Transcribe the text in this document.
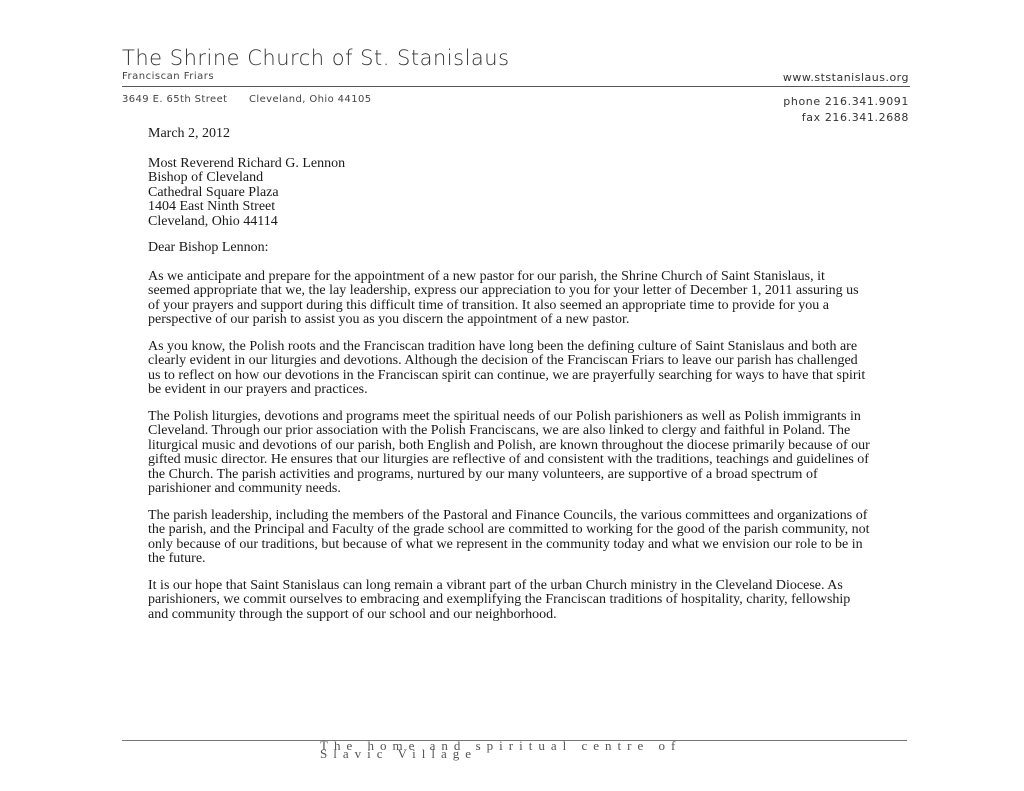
The Shrine Church of St. Stanislaus
Franciscan Friars	www.ststanislaus.org
3649 E. 65th Street Cleveland, Ohio 44105	phone 216.341.9091
fax 216.341.2688
March 2, 2012
Most Reverend Richard G. Lennon
Bishop of Cleveland
Cathedral Square Plaza
1404 East Ninth Street
Cleveland, Ohio 44114
Dear Bishop Lennon:

As we anticipate and prepare for the appointment of a new pastor for our parish, the Shrine Church of Saint Stanislaus, it seemed appropriate that we, the lay leadership, express our appreciation to you for your letter of December 1, 2011 assuring us of your prayers and support during this difficult time of transition. It also seemed an appropriate time to provide for you a perspective of our parish to assist you as you discern the appointment of a new pastor.

As you know, the Polish roots and the Franciscan tradition have long been the defining culture of Saint Stanislaus and both are clearly evident in our liturgies and devotions. Although the decision of the Franciscan Friars to leave our parish has challenged us to reflect on how our devotions in the Franciscan spirit can continue, we are prayerfully searching for ways to have that spirit be evident in our prayers and practices.

The Polish liturgies, devotions and programs meet the spiritual needs of our Polish parishioners as well as Polish immigrants in Cleveland. Through our prior association with the Polish Franciscans, we are also linked to clergy and faithful in Poland. The liturgical music and devotions of our parish, both English and Polish, are known throughout the diocese primarily because of our gifted music director. He ensures that our liturgies are reflective of and consistent with the traditions, teachings and guidelines of the Church. The parish activities and programs, nurtured by our many volunteers, are supportive of a broad spectrum of parishioner and community needs.

The parish leadership, including the members of the Pastoral and Finance Councils, the various committees and organizations of the parish, and the Principal and Faculty of the grade school are committed to working for the good of the parish community, not only because of our traditions, but because of what we represent in the community today and what we envision our role to be in the future.

It is our hope that Saint Stanislaus can long remain a vibrant part of the urban Church ministry in the Cleveland Diocese. As parishioners, we commit ourselves to embracing and exemplifying the Franciscan traditions of hospitality, charity, fellowship and community through the support of our school and our neighborhood.

The home and spiritual centre of Slavic Village
